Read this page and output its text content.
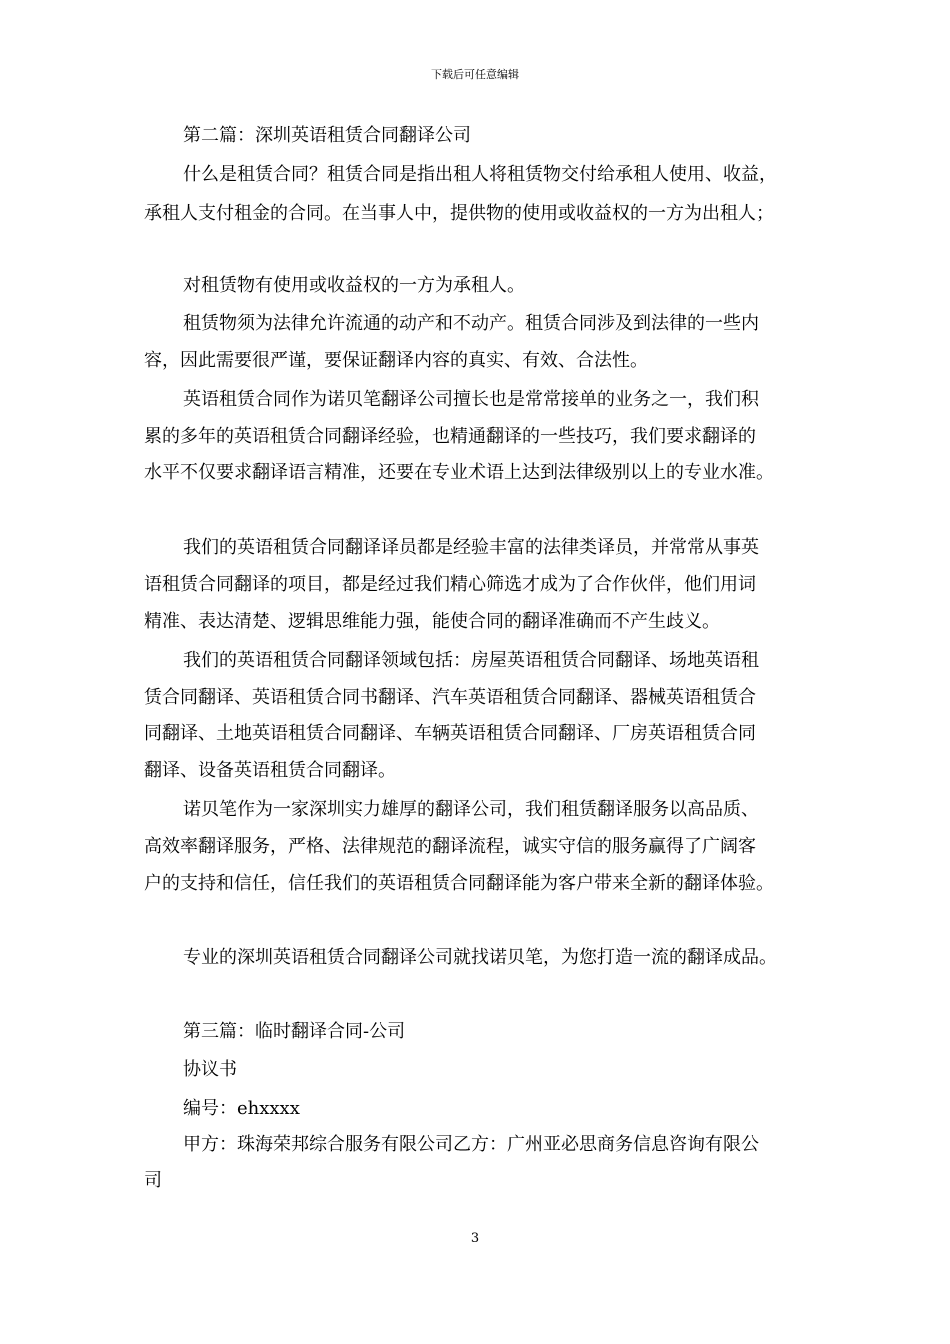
下载后可任意编辑
第二篇：深圳英语租赁合同翻译公司
什么是租赁合同？租赁合同是指出租人将租赁物交付给承租人使用、收益，
承租人支付租金的合同。在当事人中，提供物的使用或收益权的一方为出租人；
对租赁物有使用或收益权的一方为承租人。
租赁物须为法律允许流通的动产和不动产。租赁合同涉及到法律的一些内
容，因此需要很严谨，要保证翻译内容的真实、有效、合法性。
英语租赁合同作为诺贝笔翻译公司擅长也是常常接单的业务之一，我们积
累的多年的英语租赁合同翻译经验，也精通翻译的一些技巧，我们要求翻译的
水平不仅要求翻译语言精准，还要在专业术语上达到法律级别以上的专业水准。
我们的英语租赁合同翻译译员都是经验丰富的法律类译员，并常常从事英
语租赁合同翻译的项目，都是经过我们精心筛选才成为了合作伙伴，他们用词
精准、表达清楚、逻辑思维能力强，能使合同的翻译准确而不产生歧义。
我们的英语租赁合同翻译领域包括：房屋英语租赁合同翻译、场地英语租
赁合同翻译、英语租赁合同书翻译、汽车英语租赁合同翻译、器械英语租赁合
同翻译、土地英语租赁合同翻译、车辆英语租赁合同翻译、厂房英语租赁合同
翻译、设备英语租赁合同翻译。
诺贝笔作为一家深圳实力雄厚的翻译公司，我们租赁翻译服务以高品质、
高效率翻译服务，严格、法律规范的翻译流程，诚实守信的服务赢得了广阔客
户的支持和信任，信任我们的英语租赁合同翻译能为客户带来全新的翻译体验。
专业的深圳英语租赁合同翻译公司就找诺贝笔，为您打造一流的翻译成品。
第三篇：临时翻译合同-公司
协议书
编号：ehxxxx
甲方：珠海荣邦综合服务有限公司乙方：广州亚必思商务信息咨询有限公
司
3
